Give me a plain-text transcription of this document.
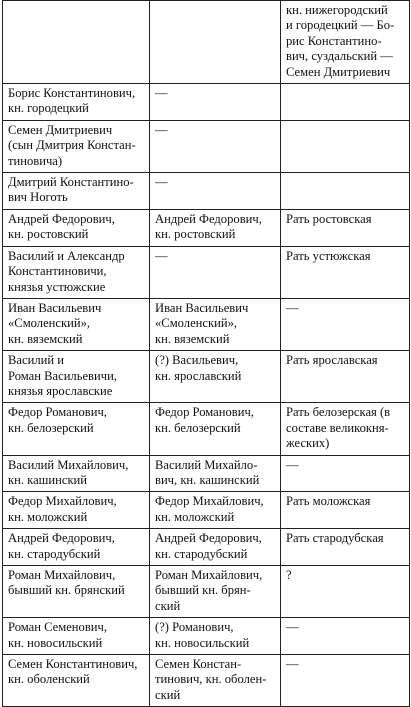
		кн. нижегородский
и городецкий — Бо-
рис Константино-
вич, суздальский —
Семен Дмитриевич
Борис Константинович,
кн. городецкий	—	
Семен Дмитриевич
(сын Дмитрия Констан-
тиновича)	—	
Дмитрий Константино-
вич Ноготь	—	
Андрей Федорович,
кн. ростовский	Андрей Федорович,
кн. ростовский	Рать ростовская
Василий и Александр
Константиновичи,
князья устюжские	—	Рать устюжская
Иван Васильевич
«Смоленский»,
кн. вяземский	Иван Васильевич
«Смоленский»,
кн. вяземский	—
Василий и
Роман Васильевичи,
князья ярославские	(?) Васильевич,
кн. ярославский	Рать ярославская
Федор Романович,
кн. белозерский	Федор Романович,
кн. белозерский	Рать белозерская (в
составе великокня-
жеских)
Василий Михайлович,
кн. кашинский	Василий Михайло-
вич, кн. кашинский	—
Федор Михайлович,
кн. моложский	Федор Михайлович,
кн. моложский	Рать моложская
Андрей Федорович,
кн. стародубский	Андрей Федорович,
кн. стародубский	Рать стародубская
Роман Михайлович,
бывший кн. брянский	Роман Михайлович,
бывший кн. брян-
ский	?
Роман Семенович,
кн. новосильский	(?) Романович,
кн. новосильский	—
Семен Константинович,
кн. оболенский	Семен Констан-
тинович, кн. оболен-
ский	—
